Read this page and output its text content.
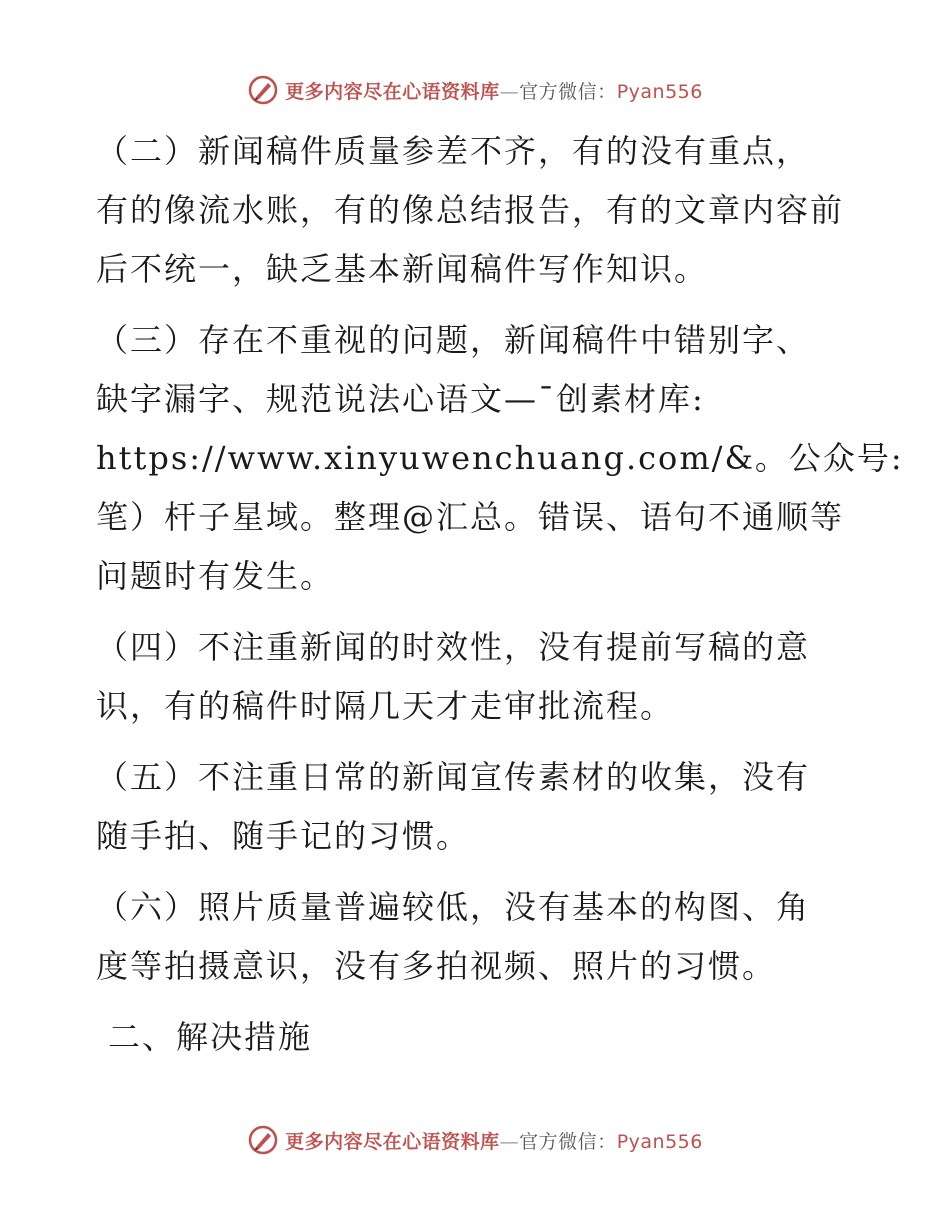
更多内容尽在心语资料库—官方微信：Pyan556

（二）新闻稿件质量参差不齐，有的没有重点，
有的像流水账，有的像总结报告，有的文章内容前
后不统一，缺乏基本新闻稿件写作知识。

（三）存在不重视的问题，新闻稿件中错别字、
缺字漏字、规范说法心语文—¯创素材库:
https://www.xinyuwenchuang.com/&。公众号:
笔）杆子星域。整理@汇总。错误、语句不通顺等
问题时有发生。

（四）不注重新闻的时效性，没有提前写稿的意
识，有的稿件时隔几天才走审批流程。

（五）不注重日常的新闻宣传素材的收集，没有
随手拍、随手记的习惯。

（六）照片质量普遍较低，没有基本的构图、角
度等拍摄意识，没有多拍视频、照片的习惯。

二、解决措施
更多内容尽在心语资料库—官方微信：Pyan556
